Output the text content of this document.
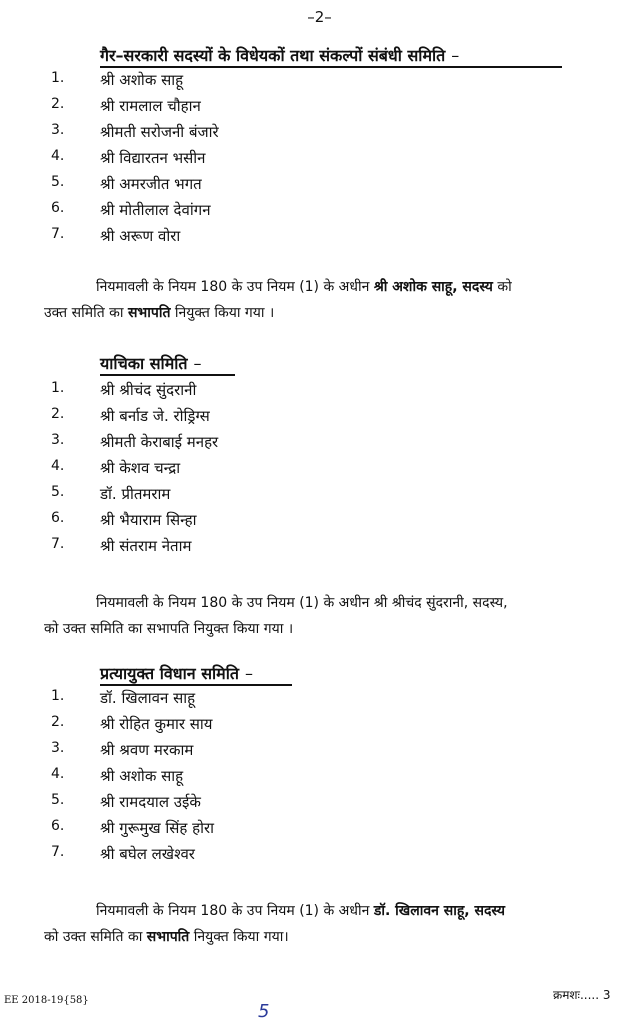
–2–
गैर–सरकारी सदस्यों के विधेयकों तथा संकल्पों संबंधी समिति –
1. श्री अशोक साहू
2. श्री रामलाल चौहान
3. श्रीमती सरोजनी बंजारे
4. श्री विद्यारतन भसीन
5. श्री अमरजीत भगत
6. श्री मोतीलाल देवांगन
7. श्री अरूण वोरा

नियमावली के नियम 180 के उप नियम (1) के अधीन श्री अशोक साहू, सदस्य को

उक्त समिति का सभापति नियुक्त किया गया ।

याचिका समिति –
1. श्री श्रीचंद सुंदरानी
2. श्री बर्नाड जे. रोड्रिग्स
3. श्रीमती केराबाई मनहर
4. श्री केशव चन्द्रा
5. डॉ. प्रीतमराम
6. श्री भैयाराम सिन्हा
7. श्री संतराम नेताम

नियमावली के नियम 180 के उप नियम (1) के अधीन श्री श्रीचंद सुंदरानी, सदस्य,

को उक्त समिति का सभापति नियुक्त किया गया ।

प्रत्यायुक्त विधान समिति –
1. डॉ. खिलावन साहू
2. श्री रोहित कुमार साय
3. श्री श्रवण मरकाम
4. श्री अशोक साहू
5. श्री रामदयाल उईके
6. श्री गुरूमुख सिंह होरा
7. श्री बघेल लखेश्वर

नियमावली के नियम 180 के उप नियम (1) के अधीन डॉ. खिलावन साहू, सदस्य

को उक्त समिति का सभापति नियुक्त किया गया।

EE 2018-19{58}	क्रमशः..... 3
5
